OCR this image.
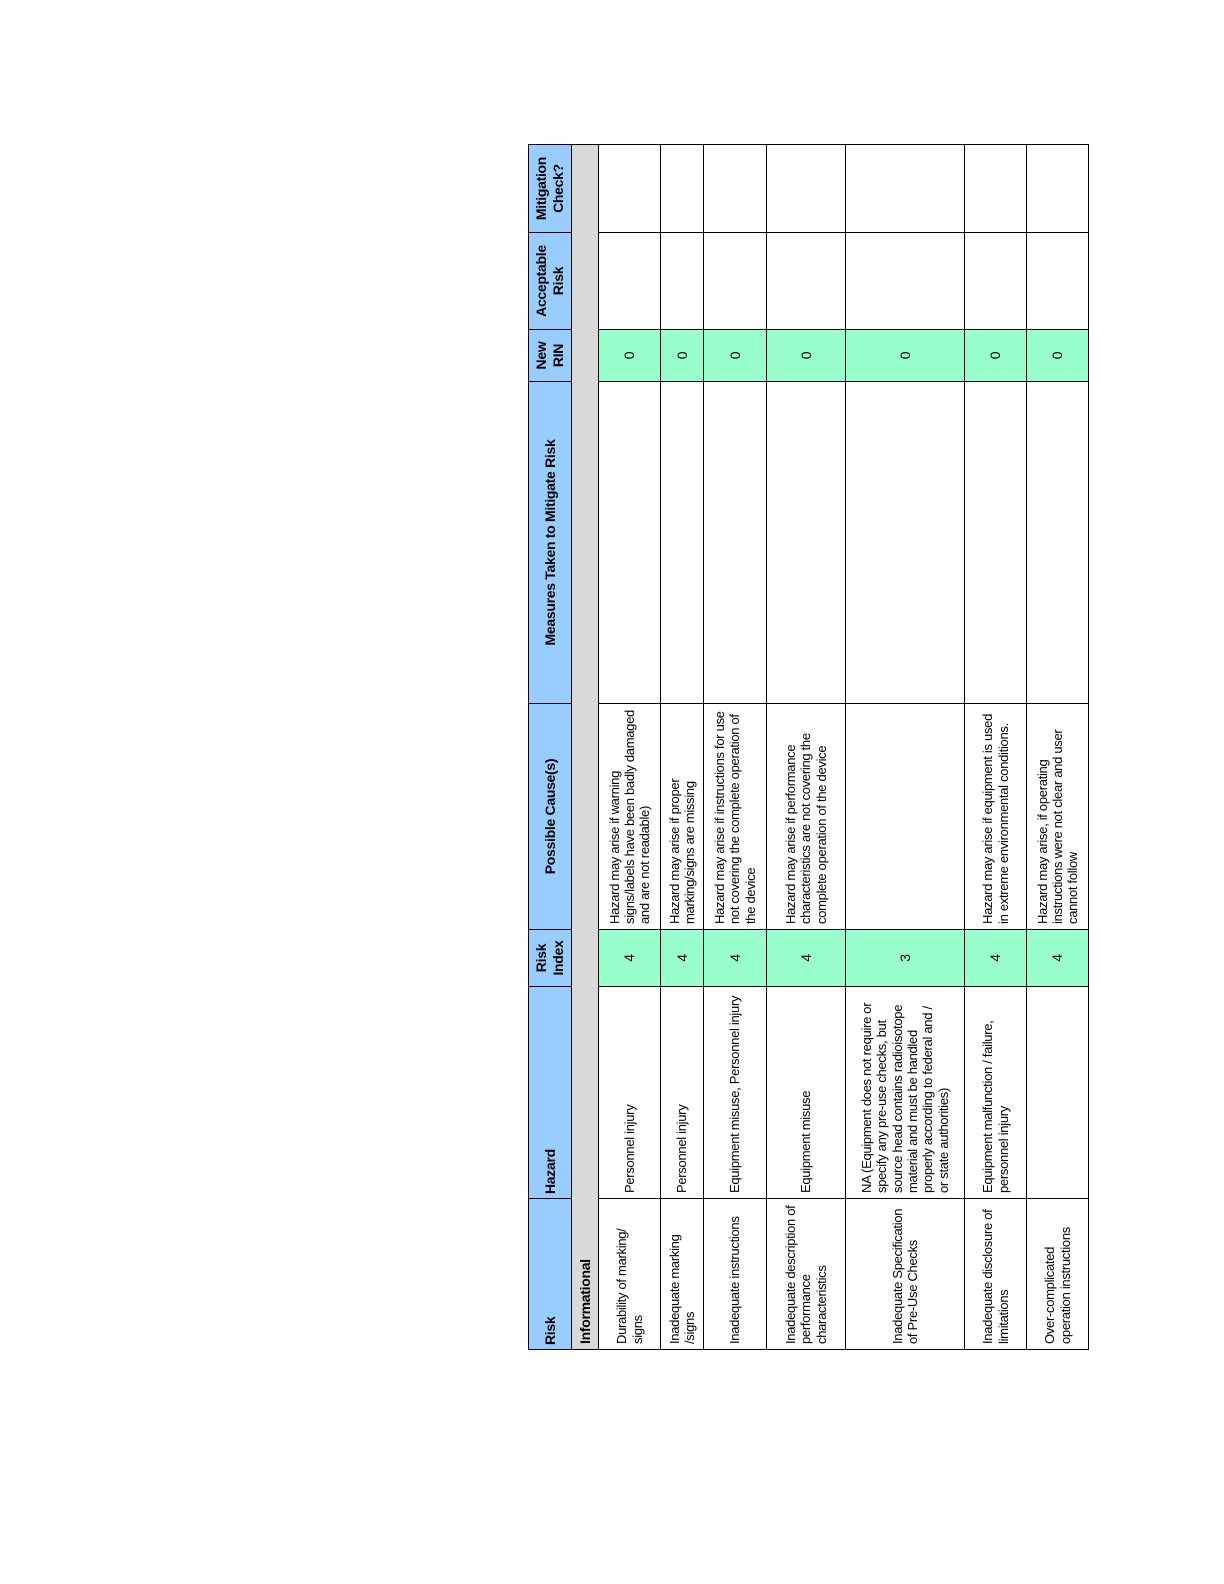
Risk	Hazard	Risk Index	Possible Cause(s)	Measures Taken to Mitigate Risk	New RIN	Acceptable Risk	Mitigation Check?
Informational							
Durability of marking/ signs	Personnel injury	4	Hazard may arise if warning signs/labels have been badly damaged and are not readable)		0		
Inadequate marking /signs	Personnel injury	4	Hazard may arise if proper marking/signs are missing		0		
Inadequate instructions	Equipment misuse, Personnel injury	4	Hazard may arise if instructions for use not covering the complete operation of the device		0		
Inadequate description of performance characteristics	Equipment misuse	4	Hazard may arise if performance characteristics are not covering the complete operation of the device		0		
Inadequate Specification of Pre-Use Checks	NA (Equipment does not require or specify any pre-use checks, but source head contains radioisotope material and must be handled properly according to federal and / or state authorities)	3			0		
Inadequate disclosure of limitations	Equipment malfunction / failure, personnel injury	4	Hazard may arise if equipment is used in extreme environmental conditions.		0		
Over-complicated operation instructions		4	Hazard may arise, if operating instructions were not clear and user cannot follow		0		
